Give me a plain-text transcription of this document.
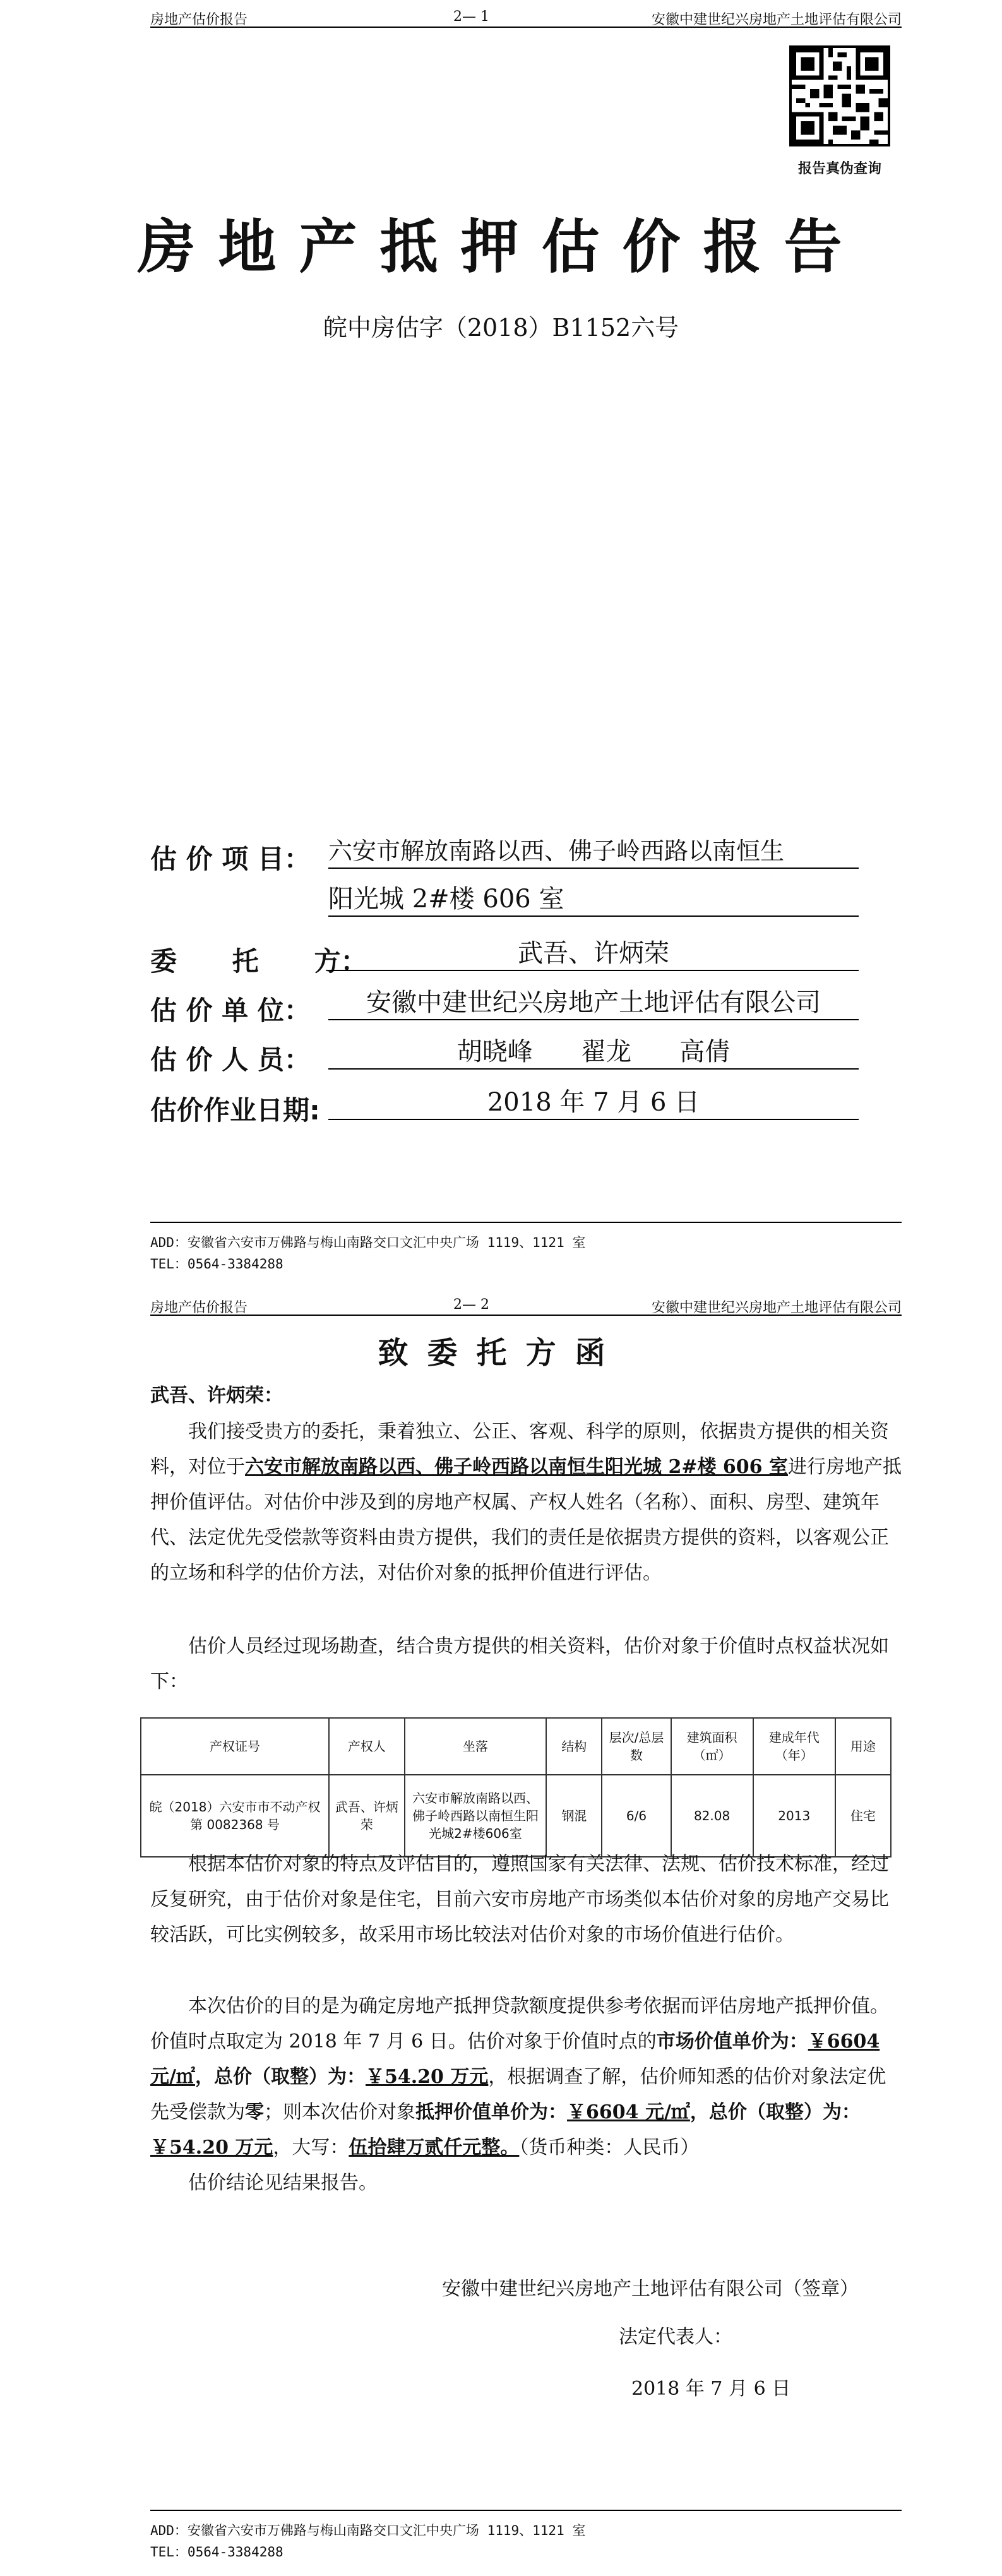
房地产估价报告	2— 1	安徽中建世纪兴房地产土地评估有限公司
报告真伪查询
房地产抵押估价报告
皖中房估字（2018）B1152六号
估 价 项 目： 六安市解放南路以西、佛子岭西路以南恒生
阳光城 2#楼 606 室
委      托      方：	武吾、许炳荣
估 价 单 位：	安徽中建世纪兴房地产土地评估有限公司
估 价 人 员：	胡晓峰      翟龙      高倩
估价作业日期:	2018 年 7 月 6 日
ADD：安徽省六安市万佛路与梅山南路交口文汇中央广场 1119、1121 室
TEL：0564-3384288
房地产估价报告	2— 2	安徽中建世纪兴房地产土地评估有限公司
致委托方函
武吾、许炳荣：
我们接受贵方的委托，秉着独立、公正、客观、科学的原则，依据贵方提供的相关资料，对位于六安市解放南路以西、佛子岭西路以南恒生阳光城 2#楼 606 室进行房地产抵押价值评估。对估价中涉及到的房地产权属、产权人姓名（名称）、面积、房型、建筑年代、法定优先受偿款等资料由贵方提供，我们的责任是依据贵方提供的资料，以客观公正的立场和科学的估价方法，对估价对象的抵押价值进行评估。
估价人员经过现场勘查，结合贵方提供的相关资料，估价对象于价值时点权益状况如下：
产权证号	产权人	坐落	结构	层次/总层数	建筑面积（㎡）	建成年代（年）	用途
皖（2018）六安市市不动产权第 0082368 号	武吾、许炳荣	六安市解放南路以西、佛子岭西路以南恒生阳光城2#楼606室	钢混	6/6	82.08	2013	住宅
根据本估价对象的特点及评估目的，遵照国家有关法律、法规、估价技术标准，经过反复研究，由于估价对象是住宅，目前六安市房地产市场类似本估价对象的房地产交易比较活跃，可比实例较多，故采用市场比较法对估价对象的市场价值进行估价。
本次估价的目的是为确定房地产抵押贷款额度提供参考依据而评估房地产抵押价值。价值时点取定为 2018 年 7 月 6 日。估价对象于价值时点的市场价值单价为：￥6604 元/㎡，总价（取整）为：￥54.20 万元，根据调查了解，估价师知悉的估价对象法定优先受偿款为零；则本次估价对象抵押价值单价为：￥6604 元/㎡，总价（取整）为：￥54.20 万元，大写：伍拾肆万贰仟元整。（货币种类：人民币）
估价结论见结果报告。
安徽中建世纪兴房地产土地评估有限公司（签章）
法定代表人：
2018 年 7 月 6 日
ADD：安徽省六安市万佛路与梅山南路交口文汇中央广场 1119、1121 室
TEL：0564-3384288
